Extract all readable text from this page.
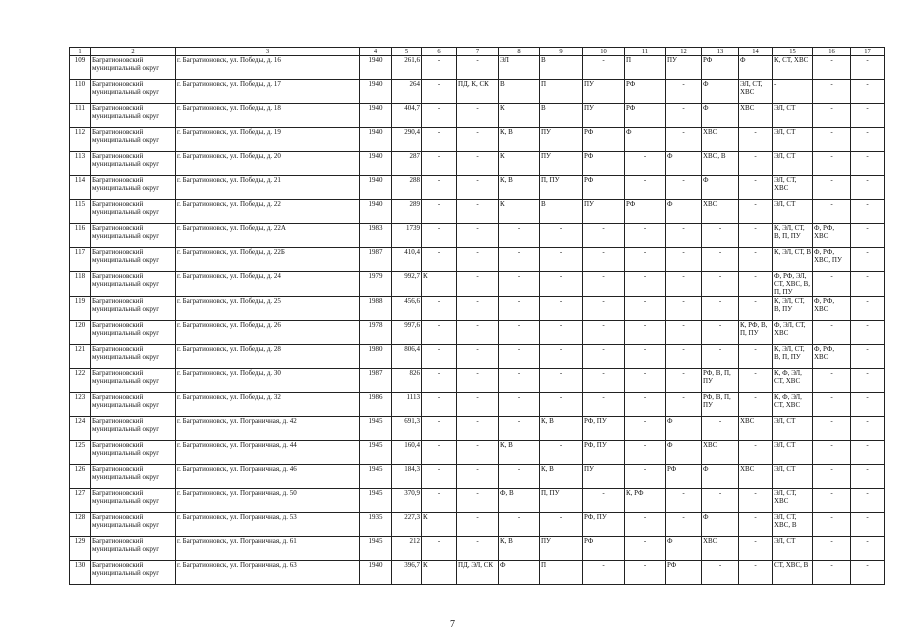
1	2	3	4	5	6	7	8	9	10	11	12	13	14	15	16	17
109	Багратионовский муниципальный округ	г. Багратионовск, ул. Победы, д. 16	1940	261,6	-	-	ЭЛ	В	-	П	ПУ	РФ	Ф	К, СТ, ХВС	-	-
110	Багратионовский муниципальный округ	г. Багратионовск, ул. Победы, д. 17	1940	264	-	ПД, К, СК	В	П	ПУ	РФ	-	Ф	ЭЛ, СТ, ХВС	-	-	-
111	Багратионовский муниципальный округ	г. Багратионовск, ул. Победы, д. 18	1940	404,7	-	-	К	В	ПУ	РФ	-	Ф	ХВС	ЭЛ, СТ	-	-
112	Багратионовский муниципальный округ	г. Багратионовск, ул. Победы, д. 19	1940	290,4	-	-	К, В	ПУ	РФ	Ф	-	ХВС	-	ЭЛ, СТ	-	-
113	Багратионовский муниципальный округ	г. Багратионовск, ул. Победы, д. 20	1940	287	-	-	К	ПУ	РФ	-	Ф	ХВС, В	-	ЭЛ, СТ	-	-
114	Багратионовский муниципальный округ	г. Багратионовск, ул. Победы, д. 21	1940	288	-	-	К, В	П, ПУ	РФ	-	-	Ф	-	ЭЛ, СТ, ХВС	-	-
115	Багратионовский муниципальный округ	г. Багратионовск, ул. Победы, д. 22	1940	289	-	-	К	В	ПУ	РФ	Ф	ХВС	-	ЭЛ, СТ	-	-
116	Багратионовский муниципальный округ	г. Багратионовск, ул. Победы, д. 22А	1983	1739	-	-	-	-	-	-	-	-	-	К, ЭЛ, СТ, В, П, ПУ	Ф, РФ, ХВС	-
117	Багратионовский муниципальный округ	г. Багратионовск, ул. Победы, д. 22Б	1987	410,4	-	-	-	-	-	-	-	-	-	К, ЭЛ, СТ, В	Ф, РФ, ХВС, ПУ	-
118	Багратионовский муниципальный округ	г. Багратионовск, ул. Победы, д. 24	1979	992,7	К	-	-	-	-	-	-	-	-	Ф, РФ, ЭЛ, СТ, ХВС, В, П, ПУ	-	-
119	Багратионовский муниципальный округ	г. Багратионовск, ул. Победы, д. 25	1988	456,6	-	-	-	-	-	-	-	-	-	К, ЭЛ, СТ, В, ПУ	Ф, РФ, ХВС	-
120	Багратионовский муниципальный округ	г. Багратионовск, ул. Победы, д. 26	1978	997,6	-	-	-	-	-	-	-	-	К, РФ, В, П, ПУ	Ф, ЭЛ, СТ, ХВС	-	-
121	Багратионовский муниципальный округ	г. Багратионовск, ул. Победы, д. 28	1980	806,4	-	-	-	-	-	-	-	-	-	К, ЭЛ, СТ, В, П, ПУ	Ф, РФ, ХВС	-
122	Багратионовский муниципальный округ	г. Багратионовск, ул. Победы, д. 30	1987	826	-	-	-	-	-	-	-	РФ, В, П, ПУ	-	К, Ф, ЭЛ, СТ, ХВС	-	-
123	Багратионовский муниципальный округ	г. Багратионовск, ул. Победы, д. 32	1986	1113	-	-	-	-	-	-	-	РФ, В, П, ПУ	-	К, Ф, ЭЛ, СТ, ХВС	-	-
124	Багратионовский муниципальный округ	г. Багратионовск, ул. Пограничная, д. 42	1945	691,3	-	-	-	К, В	РФ, ПУ	-	Ф	-	ХВС	ЭЛ, СТ	-	-
125	Багратионовский муниципальный округ	г. Багратионовск, ул. Пограничная, д. 44	1945	160,4	-	-	К, В	-	РФ, ПУ	-	Ф	ХВС	-	ЭЛ, СТ	-	-
126	Багратионовский муниципальный округ	г. Багратионовск, ул. Пограничная, д. 46	1945	184,3	-	-	-	К, В	ПУ	-	РФ	Ф	ХВС	ЭЛ, СТ	-	-
127	Багратионовский муниципальный округ	г. Багратионовск, ул. Пограничная, д. 50	1945	370,9	-	-	Ф, В	П, ПУ	-	К, РФ	-	-	-	ЭЛ, СТ, ХВС	-	-
128	Багратионовский муниципальный округ	г. Багратионовск, ул. Пограничная, д. 53	1935	227,3	К	-	-	-	РФ, ПУ	-	-	Ф	-	ЭЛ, СТ, ХВС, В	-	-
129	Багратионовский муниципальный округ	г. Багратионовск, ул. Пограничная, д. 61	1945	212	-	-	К, В	ПУ	РФ	-	Ф	ХВС	-	ЭЛ, СТ	-	-
130	Багратионовский муниципальный округ	г. Багратионовск, ул. Пограничная, д. 63	1940	396,7	К	ПД, ЭЛ, СК	Ф	П	-	-	РФ	-	-	СТ, ХВС, В	-	-
7
